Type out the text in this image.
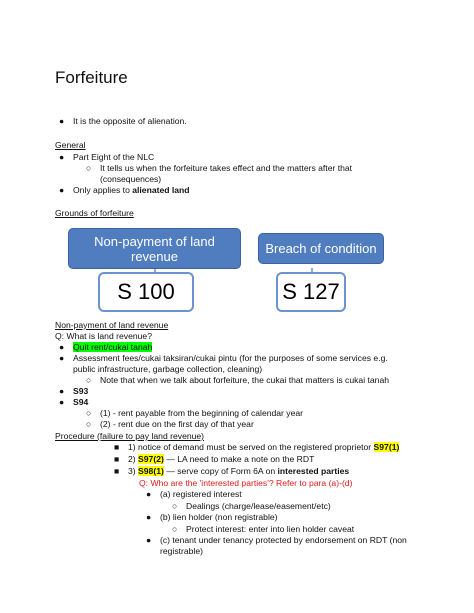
Forfeiture
● It is the opposite of alienation.
General
● Part Eight of the NLC
○ It tells us when the forfeiture takes effect and the matters after that
(consequences)
● Only applies to alienated land
Grounds of forfeiture
Non-payment of land
revenue	Breach of condition
S 100	S 127
Non-payment of land revenue
Q: What is land revenue?
● Quit rent/cukai tanah
● Assessment fees/cukai taksiran/cukai pintu (for the purposes of some services e.g.
public infrastructure, garbage collection, cleaning)
○ Note that when we talk about forfeiture, the cukai that matters is cukai tanah
● S93
● S94
○ (1) - rent payable from the beginning of calendar year
○ (2) - rent due on the first day of that year
Procedure (failure to pay land revenue)
■ 1) notice of demand must be served on the registered proprietor S97(1)
■ 2) S97(2) — LA need to make a note on the RDT
■ 3) S98(1) — serve copy of Form 6A on interested parties
Q: Who are the 'interested parties'? Refer to para (a)-(d)
● (a) registered interest
○ Dealings (charge/lease/easement/etc)
● (b) lien holder (non registrable)
○ Protect interest: enter into lien holder caveat
● (c) tenant under tenancy protected by endorsement on RDT (non
registrable)
